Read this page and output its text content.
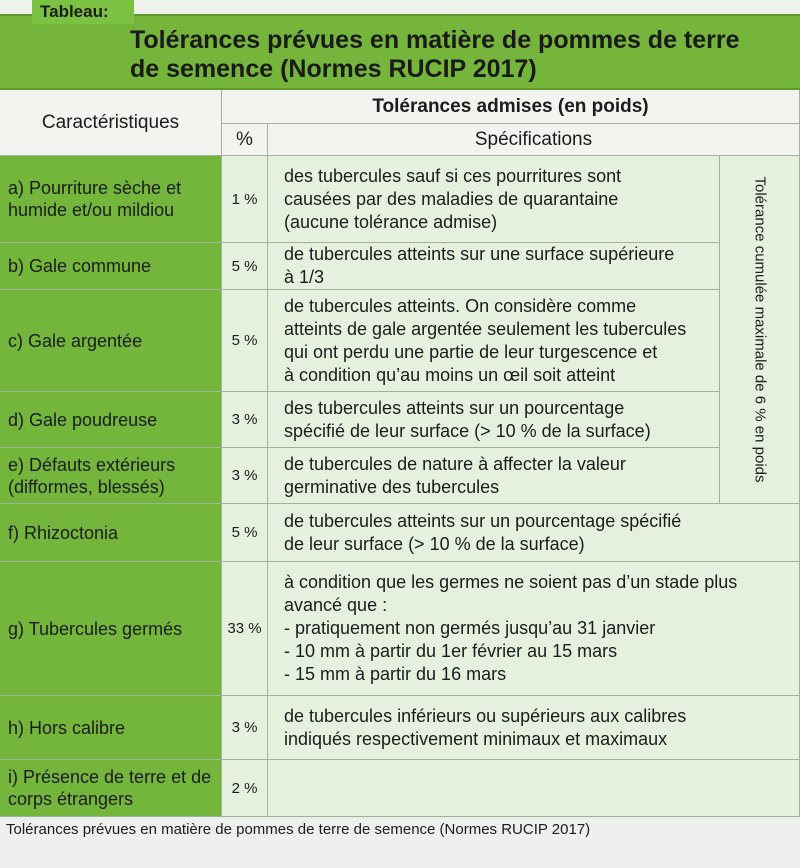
Tolérances prévues en matière de pommes de terre de semence (Normes RUCIP 2017)
Tableau:
Caractéristiques
Tolérances admises (en poids)
%	Spécifications
a) Pourriture sèche et humide et/ou mildiou
1 %
des tubercules sauf si ces pourritures sont
causées par des maladies de quarantaine
(aucune tolérance admise)
b) Gale commune	5 %
de tubercules atteints sur une surface supérieure
à 1/3
c) Gale argentée	5 %
de tubercules atteints. On considère comme
atteints de gale argentée seulement les tubercules
qui ont perdu une partie de leur turgescence et
à condition qu’au moins un œil soit atteint
d) Gale poudreuse	3 %
des tubercules atteints sur un pourcentage
spécifié de leur surface (> 10 % de la surface)
e) Défauts extérieurs (difformes, blessés)
3 %
de tubercules de nature à affecter la valeur
germinative des tubercules
Tolérance cumulée maximale de 6 % en poids
f) Rhizoctonia	5 %
de tubercules atteints sur un pourcentage spécifié
de leur surface (> 10 % de la surface)
g) Tubercules germés	33 %
à condition que les germes ne soient pas d’un stade plus
avancé que :
- pratiquement non germés jusqu’au 31 janvier
- 10 mm à partir du 1er février au 15 mars
- 15 mm à partir du 16 mars
h) Hors calibre	3 %
de tubercules inférieurs ou supérieurs aux calibres
indiqués respectivement minimaux et maximaux
i) Présence de terre et de corps étrangers
2 %
Tolérances prévues en matière de pommes de terre de semence (Normes RUCIP 2017)
